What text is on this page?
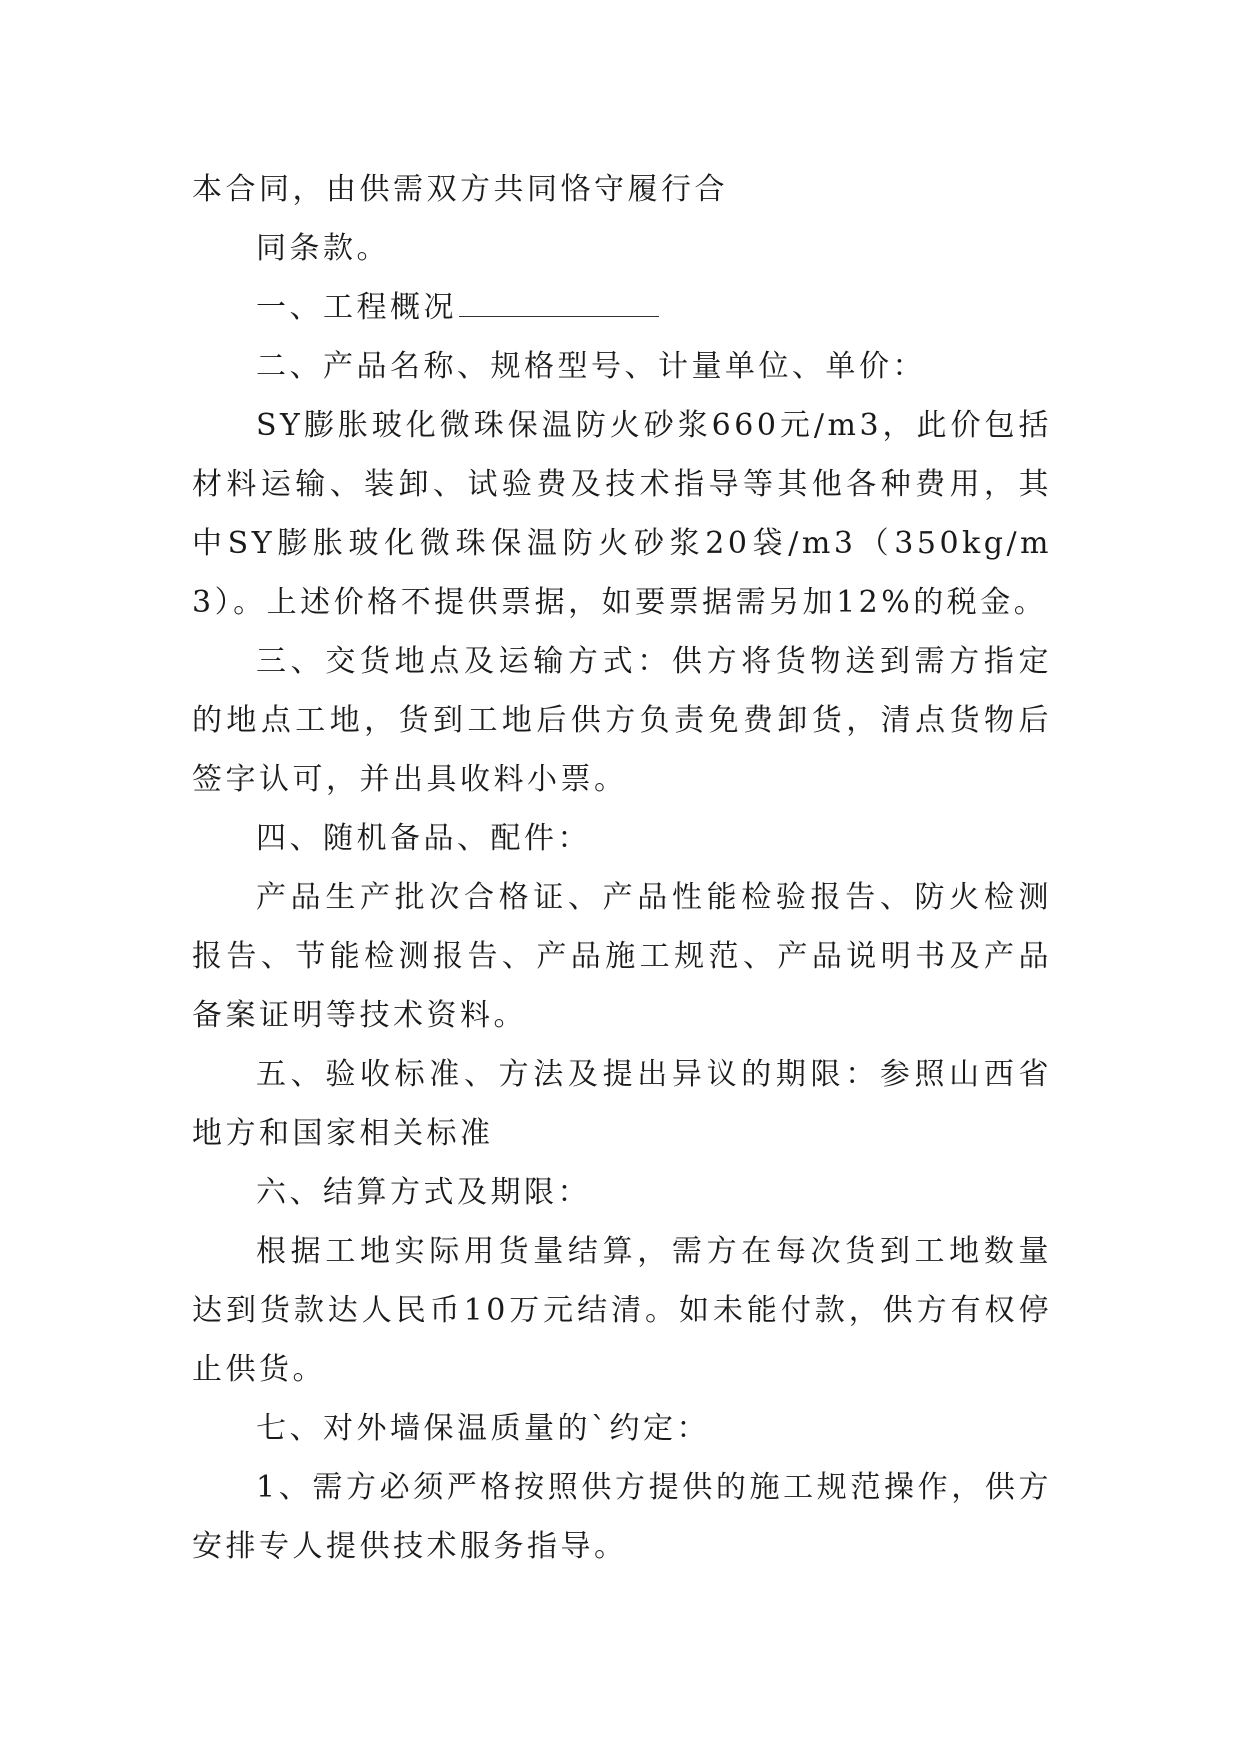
本合同，由供需双方共同恪守履行合

同条款。

一、工程概况

二、产品名称、规格型号、计量单位、单价：

SY膨胀玻化微珠保温防火砂浆660元/m3，此价包括材料运输、装卸、试验费及技术指导等其他各种费用，其中SY膨胀玻化微珠保温防火砂浆20袋/m3（350kg/m3）。上述价格不提供票据，如要票据需另加12%的税金。

三、交货地点及运输方式：供方将货物送到需方指定的地点工地，货到工地后供方负责免费卸货，清点货物后签字认可，并出具收料小票。

四、随机备品、配件：

产品生产批次合格证、产品性能检验报告、防火检测报告、节能检测报告、产品施工规范、产品说明书及产品备案证明等技术资料。

五、验收标准、方法及提出异议的期限：参照山西省地方和国家相关标准

六、结算方式及期限：

根据工地实际用货量结算，需方在每次货到工地数量达到货款达人民币10万元结清。如未能付款，供方有权停止供货。

七、对外墙保温质量的`约定：

1、需方必须严格按照供方提供的施工规范操作，供方安排专人提供技术服务指导。
